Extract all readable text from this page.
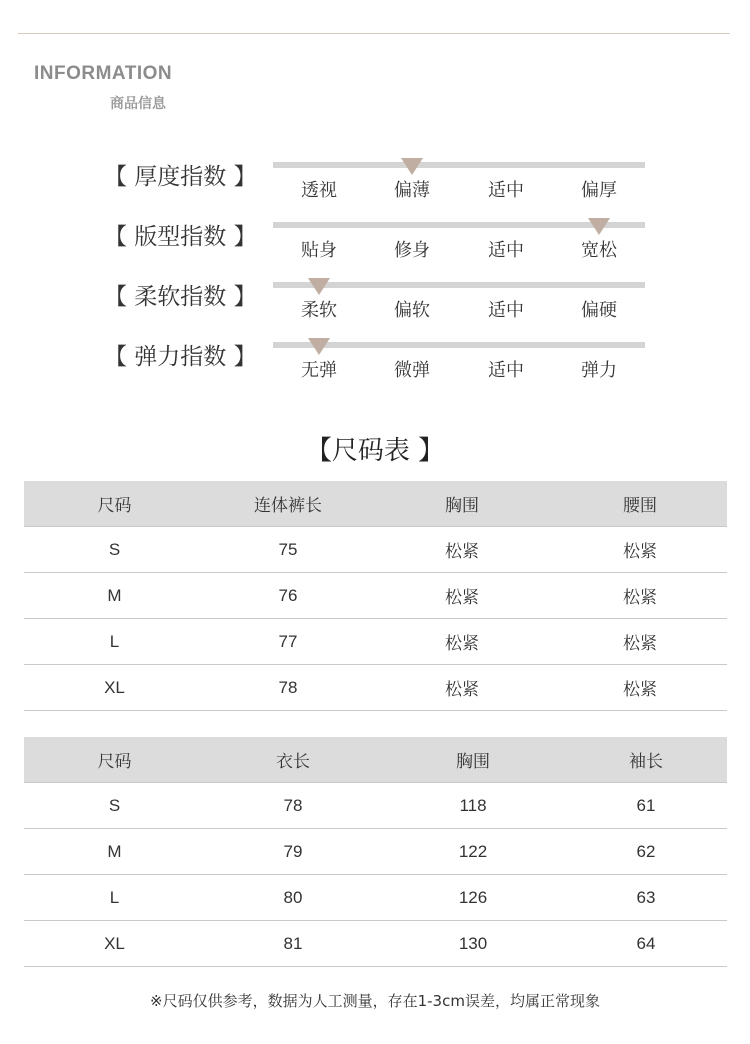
INFORMATION
商品信息
【 厚度指数 】
透视	偏薄	适中	偏厚
【 版型指数 】
贴身	修身	适中	宽松
【 柔软指数 】
柔软	偏软	适中	偏硬
【 弹力指数 】
无弹	微弹	适中	弹力
【尺码表 】
尺码	连体裤长	胸围	腰围
S	75	松紧	松紧
M	76	松紧	松紧
L	77	松紧	松紧
XL	78	松紧	松紧
尺码	衣长	胸围	袖长
S	78	118	61
M	79	122	62
L	80	126	63
XL	81	130	64
※尺码仅供参考，数据为人工测量，存在1-3cm误差，均属正常现象
